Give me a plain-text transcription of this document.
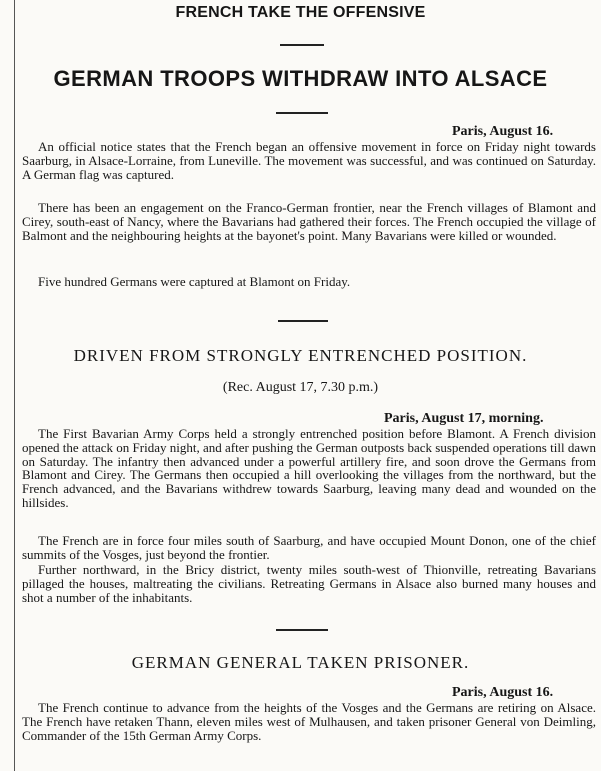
FRENCH TAKE THE OFFENSIVE
GERMAN TROOPS WITHDRAW INTO ALSACE
Paris, August 16.

An official notice states that the French began an offensive movement in force on Friday night towards Saarburg, in Alsace-Lorraine, from Luneville. The movement was successful, and was continued on Saturday. A German flag was captured.

There has been an engagement on the Franco-German frontier, near the French villages of Blamont and Cirey, south-east of Nancy, where the Bavarians had gathered their forces. The French occupied the village of Balmont and the neighbouring heights at the bayonet's point. Many Bavarians were killed or wounded.

Five hundred Germans were captured at Blamont on Friday.

DRIVEN FROM STRONGLY ENTRENCHED POSITION.
(Rec. August 17, 7.30 p.m.)
Paris, August 17, morning.

The First Bavarian Army Corps held a strongly entrenched position before Blamont. A French division opened the attack on Friday night, and after pushing the German outposts back suspended operations till dawn on Saturday. The infantry then advanced under a powerful artillery fire, and soon drove the Germans from Blamont and Cirey. The Germans then occupied a hill overlooking the villages from the northward, but the French advanced, and the Bavarians withdrew towards Saarburg, leaving many dead and wounded on the hillsides.

The French are in force four miles south of Saarburg, and have occupied Mount Donon, one of the chief summits of the Vosges, just beyond the frontier.

Further northward, in the Bricy district, twenty miles south-west of Thionville, retreating Bavarians pillaged the houses, maltreating the civilians. Retreating Germans in Alsace also burned many houses and shot a number of the inhabitants.

GERMAN GENERAL TAKEN PRISONER.
Paris, August 16.

The French continue to advance from the heights of the Vosges and the Germans are retiring on Alsace. The French have retaken Thann, eleven miles west of Mulhausen, and taken prisoner General von Deimling, Commander of the 15th German Army Corps.
